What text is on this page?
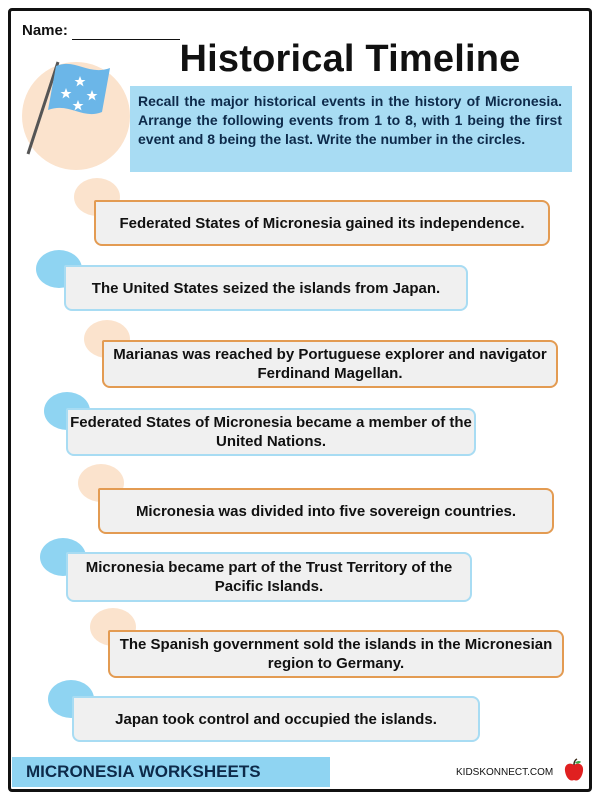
Name:
Historical Timeline
Recall the major historical events in the history of Micronesia. Arrange the following events from 1 to 8, with 1 being the first event and 8 being the last. Write the number in the circles.
Federated States of Micronesia gained its independence.
The United States seized the islands from Japan.
Marianas was reached by Portuguese explorer and navigator Ferdinand Magellan.
Federated States of Micronesia became a member of the United Nations.
Micronesia was divided into five sovereign countries.
Micronesia became part of the Trust Territory of the Pacific Islands.
The Spanish government sold the islands in the Micronesian region to Germany.
Japan took control and occupied the islands.
MICRONESIA WORKSHEETS	KIDSKONNECT.COM
